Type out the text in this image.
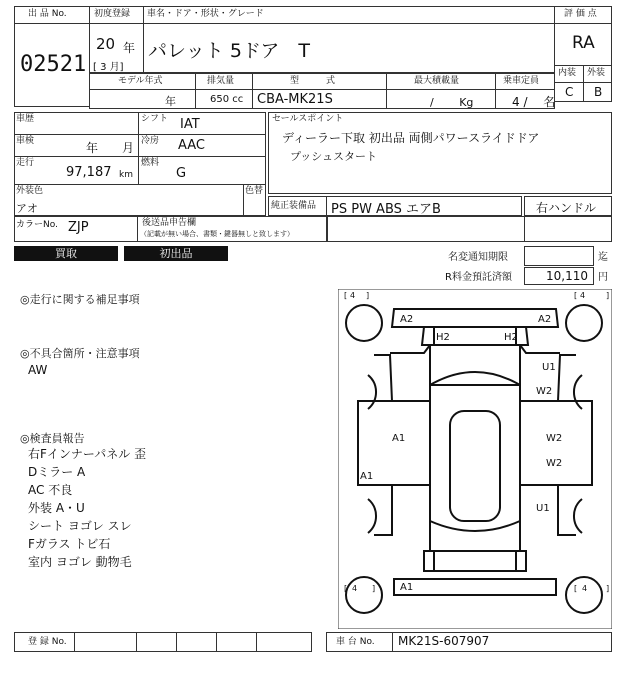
出 品 No.
02521
初度登録
20 年
[ 3 月]
車名・ドア・形状・グレード
パレット 5ドア　T
評 価 点
RA
内装 外装
C B
モデル年式	排気量	型　　　式	最大積載量	乗車定員
年	650 cc CBA-MK21S	/ 　　Kg	4 / 　名
車歴	シフト IAT
車検	年　　月 冷房 AAC
走行
97,187 km
燃料
G
外装色
アオ
色替
カラーNo. ZJP	後送品申告欄
（記載が無い場合、書類・鍵器無しと致します）
セールスポイント
ディーラー下取 初出品 両側パワースライドドア
プッシュスタート
純正装備品 PS PW ABS エアB	右ハンドル
買取	初出品	名変通知期限	迄
R料金預託済額	10,110 円
◎走行に関する補足事項
◎不具合箇所・注意事項
AW
◎検査員報告
右Fインナーパネル 歪
Dミラー A
AC 不良
外装 A・U
シート ヨゴレ スレ
Fガラス トビ石
室内 ヨゴレ 動物毛
[ 4 ]	[ 4	]
[ 4 ]	[ 4 ]
A2	A2
H2	H2
U1
W2
A1	W2
W2
A1
U1
A1
登 録 No.	車 台 No. MK21S-607907
